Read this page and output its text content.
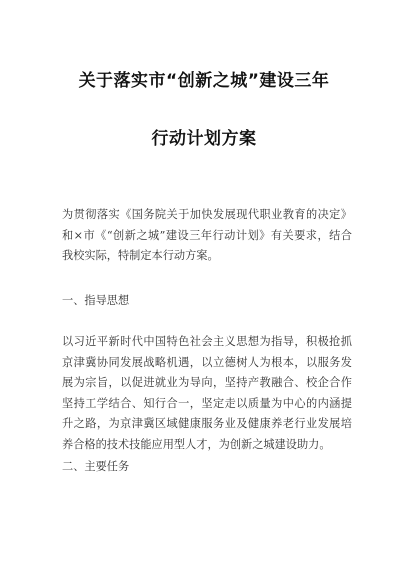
关于落实市“创新之城”建设三年
行动计划方案
为贯彻落实《国务院关于加快发展现代职业教育的决定》
和×市《“创新之城”建设三年行动计划》有关要求，结合
我校实际，特制定本行动方案。
一、指导思想
以习近平新时代中国特色社会主义思想为指导，积极抢抓
京津冀协同发展战略机遇，以立德树人为根本，以服务发
展为宗旨，以促进就业为导向，坚持产教融合、校企合作
坚持工学结合、知行合一，坚定走以质量为中心的内涵提
升之路，为京津冀区域健康服务业及健康养老行业发展培
养合格的技术技能应用型人才，为创新之城建设助力。
二、主要任务
